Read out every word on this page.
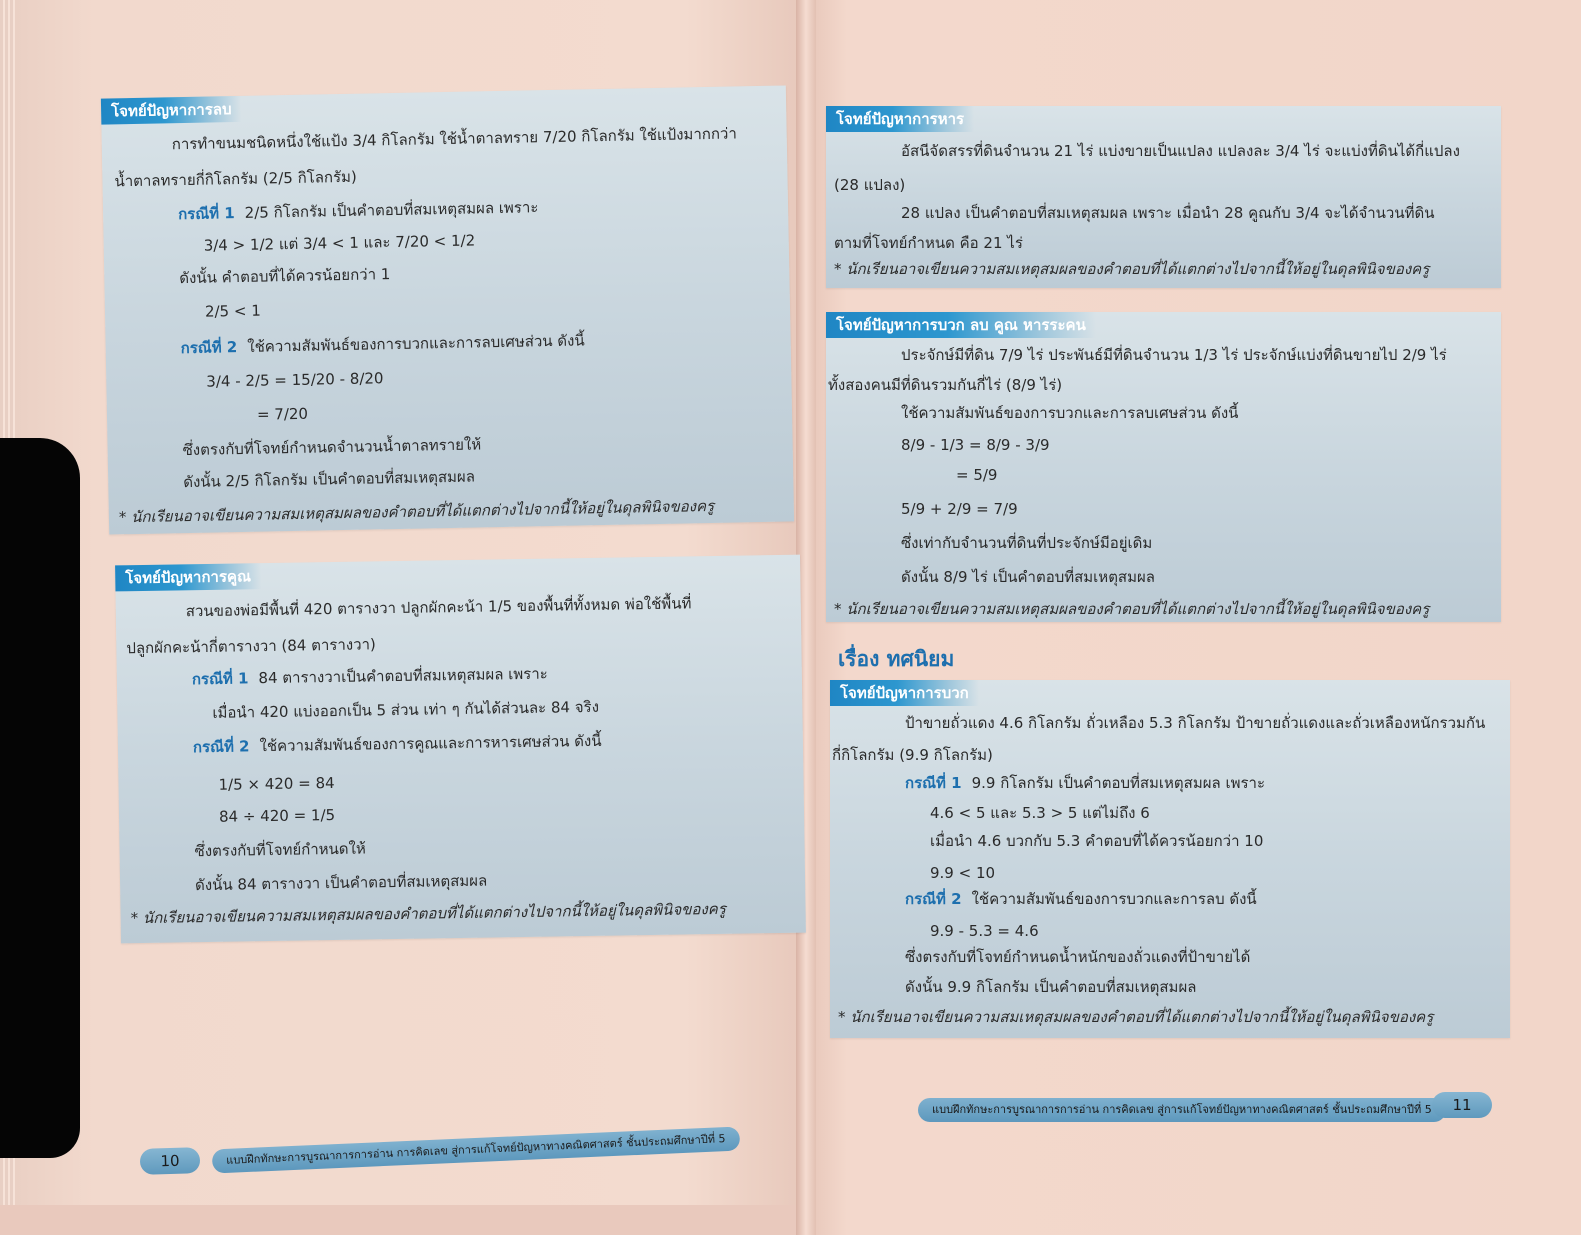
โจทย์ปัญหาการลบ
การทำขนมชนิดหนึ่งใช้แป้ง 3/4 กิโลกรัม ใช้น้ำตาลทราย 7/20 กิโลกรัม ใช้แป้งมากกว่า
น้ำตาลทรายกี่กิโลกรัม (2/5 กิโลกรัม)
กรณีที่ 1 2/5 กิโลกรัม เป็นคำตอบที่สมเหตุสมผล เพราะ
3/4 > 1/2 แต่ 3/4 < 1 และ 7/20 < 1/2
ดังนั้น คำตอบที่ได้ควรน้อยกว่า 1
2/5 < 1
กรณีที่ 2 ใช้ความสัมพันธ์ของการบวกและการลบเศษส่วน ดังนี้
3/4 - 2/5 = 15/20 - 8/20
= 7/20
ซึ่งตรงกับที่โจทย์กำหนดจำนวนน้ำตาลทรายให้
ดังนั้น 2/5 กิโลกรัม เป็นคำตอบที่สมเหตุสมผล
* นักเรียนอาจเขียนความสมเหตุสมผลของคำตอบที่ได้แตกต่างไปจากนี้ให้อยู่ในดุลพินิจของครู
โจทย์ปัญหาการคูณ
สวนของพ่อมีพื้นที่ 420 ตารางวา ปลูกผักคะน้า 1/5 ของพื้นที่ทั้งหมด พ่อใช้พื้นที่
ปลูกผักคะน้ากี่ตารางวา (84 ตารางวา)
กรณีที่ 1 84 ตารางวาเป็นคำตอบที่สมเหตุสมผล เพราะ
เมื่อนำ 420 แบ่งออกเป็น 5 ส่วน เท่า ๆ กันได้ส่วนละ 84 จริง
กรณีที่ 2 ใช้ความสัมพันธ์ของการคูณและการหารเศษส่วน ดังนี้
1/5 × 420 = 84
84 ÷ 420 = 1/5
ซึ่งตรงกับที่โจทย์กำหนดให้
ดังนั้น 84 ตารางวา เป็นคำตอบที่สมเหตุสมผล
* นักเรียนอาจเขียนความสมเหตุสมผลของคำตอบที่ได้แตกต่างไปจากนี้ให้อยู่ในดุลพินิจของครู
10	แบบฝึกทักษะการบูรณาการการอ่าน การคิดเลข สู่การแก้โจทย์ปัญหาทางคณิตศาสตร์ ชั้นประถมศึกษาปีที่ 5
โจทย์ปัญหาการหาร
อัสนีจัดสรรที่ดินจำนวน 21 ไร่ แบ่งขายเป็นแปลง แปลงละ 3/4 ไร่ จะแบ่งที่ดินได้กี่แปลง
(28 แปลง)
28 แปลง เป็นคำตอบที่สมเหตุสมผล เพราะ เมื่อนำ 28 คูณกับ 3/4 จะได้จำนวนที่ดิน
ตามที่โจทย์กำหนด คือ 21 ไร่
* นักเรียนอาจเขียนความสมเหตุสมผลของคำตอบที่ได้แตกต่างไปจากนี้ให้อยู่ในดุลพินิจของครู
โจทย์ปัญหาการบวก ลบ คูณ หารระคน
ประจักษ์มีที่ดิน 7/9 ไร่ ประพันธ์มีที่ดินจำนวน 1/3 ไร่ ประจักษ์แบ่งที่ดินขายไป 2/9 ไร่
ทั้งสองคนมีที่ดินรวมกันกี่ไร่ (8/9 ไร่)
ใช้ความสัมพันธ์ของการบวกและการลบเศษส่วน ดังนี้
8/9 - 1/3 = 8/9 - 3/9
= 5/9
5/9 + 2/9 = 7/9
ซึ่งเท่ากับจำนวนที่ดินที่ประจักษ์มีอยู่เดิม
ดังนั้น 8/9 ไร่ เป็นคำตอบที่สมเหตุสมผล
* นักเรียนอาจเขียนความสมเหตุสมผลของคำตอบที่ได้แตกต่างไปจากนี้ให้อยู่ในดุลพินิจของครู
เรื่อง ทศนิยม
โจทย์ปัญหาการบวก
ป้าขายถั่วแดง 4.6 กิโลกรัม ถั่วเหลือง 5.3 กิโลกรัม ป้าขายถั่วแดงและถั่วเหลืองหนักรวมกัน
กี่กิโลกรัม (9.9 กิโลกรัม)
กรณีที่ 1 9.9 กิโลกรัม เป็นคำตอบที่สมเหตุสมผล เพราะ
4.6 < 5 และ 5.3 > 5 แต่ไม่ถึง 6
เมื่อนำ 4.6 บวกกับ 5.3 คำตอบที่ได้ควรน้อยกว่า 10
9.9 < 10
กรณีที่ 2 ใช้ความสัมพันธ์ของการบวกและการลบ ดังนี้
9.9 - 5.3 = 4.6
ซึ่งตรงกับที่โจทย์กำหนดน้ำหนักของถั่วแดงที่ป้าขายได้
ดังนั้น 9.9 กิโลกรัม เป็นคำตอบที่สมเหตุสมผล
* นักเรียนอาจเขียนความสมเหตุสมผลของคำตอบที่ได้แตกต่างไปจากนี้ให้อยู่ในดุลพินิจของครู
แบบฝึกทักษะการบูรณาการการอ่าน การคิดเลข สู่การแก้โจทย์ปัญหาทางคณิตศาสตร์ ชั้นประถมศึกษาปีที่ 5	11
